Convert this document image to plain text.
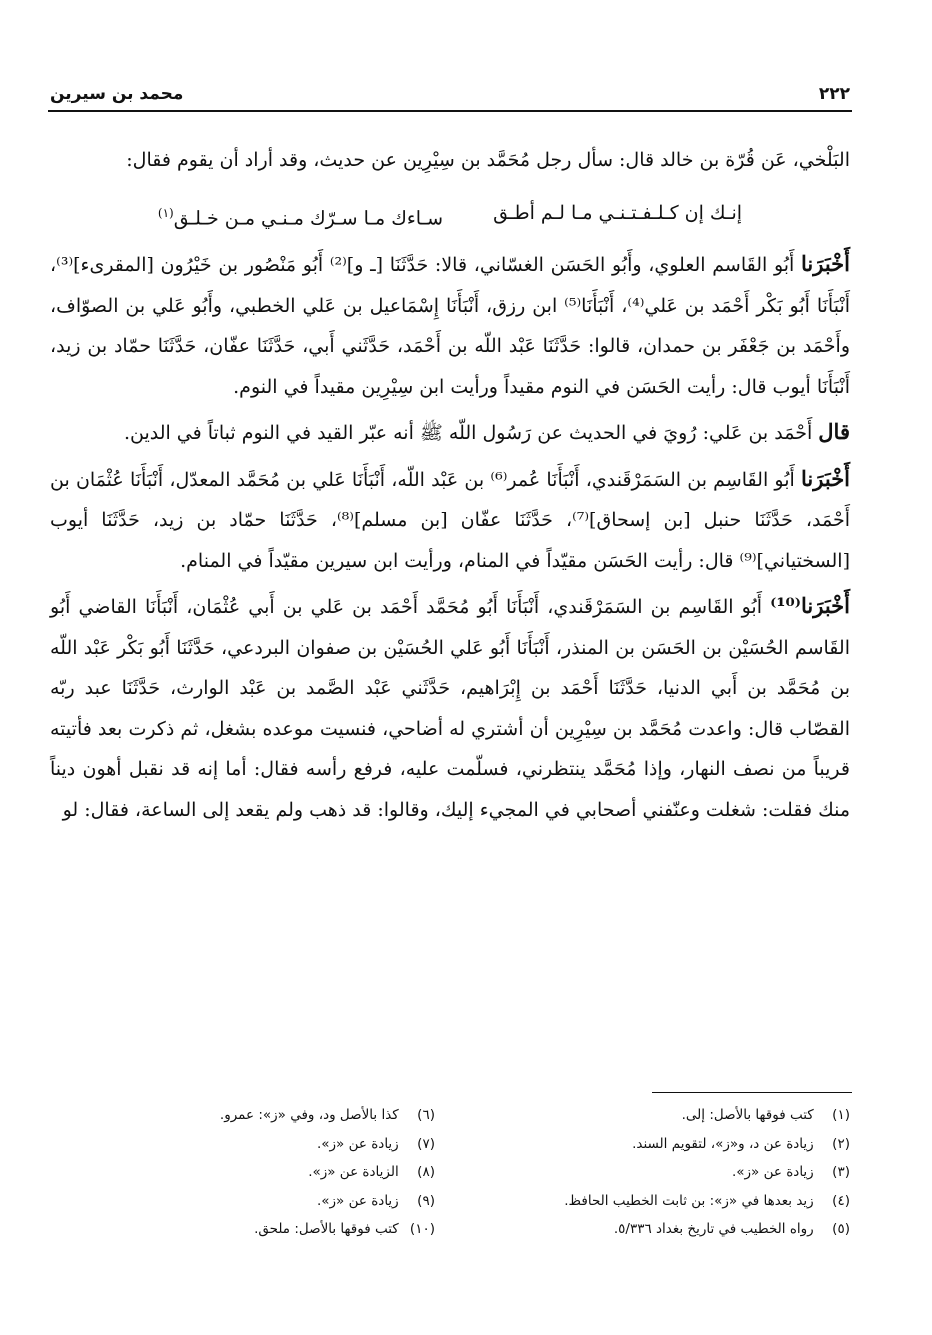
٢٢٢
محمد بن سيرين

البَلْخي، عَن قُرّة بن خالد قال: سأل رجل مُحَمَّد بن سِيْرِين عن حديث، وقد أراد أن يقوم فقال:

إنـك إن كـلـفـتـنـي مـا لـم أطـق
سـاءك مـا سـرّك مـنـي مـن خـلـق$^{(١)}$

أَخْبَرَنا أَبُو القَاسم العلوي، وأَبُو الحَسَن الغسّاني، قالا: حَدَّثَنَا [ـ و]⁽²⁾ أَبُو مَنْصُور بن خَيْرُون [المقرىء]⁽³⁾، أَنْبَأَنَا أَبُو بَكْر أَحْمَد بن عَلي⁽⁴⁾، أَنْبَأَنَا⁽⁵⁾ ابن رزق، أَنْبَأَنَا إِسْمَاعيل بن عَلي الخطبي، وأَبُو عَلي بن الصوّاف، وأَحْمَد بن جَعْفَر بن حمدان، قالوا: حَدَّثَنَا عَبْد اللّه بن أَحْمَد، حَدَّثَني أَبي، حَدَّثَنَا عفّان، حَدَّثَنَا حمّاد بن زيد، أَنْبَأَنَا أيوب قال: رأيت الحَسَن في النوم مقيداً ورأيت ابن سِيْرِين مقيداً في النوم.

قال أَحْمَد بن عَلي: رُويَ في الحديث عن رَسُول اللّه ﷺ أنه عبّر القيد في النوم ثباتاً في الدين.

أَخْبَرَنا أَبُو القَاسِم بن السَمَرْقَندي، أَنْبَأَنَا عُمر⁽⁶⁾ بن عَبْد اللّه، أَنْبَأَنَا عَلي بن مُحَمَّد المعدّل، أَنْبَأَنَا عُثْمَان بن أَحْمَد، حَدَّثَنَا حنبل [بن إسحاق]⁽⁷⁾، حَدَّثَنَا عفّان [بن مسلم]⁽⁸⁾، حَدَّثَنَا حمّاد بن زيد، حَدَّثَنَا أيوب [السختياني]⁽⁹⁾ قال: رأيت الحَسَن مقيّداً في المنام، ورأيت ابن سيرين مقيّداً في المنام.

أَخْبَرَنا⁽¹⁰⁾ أَبُو القَاسِم بن السَمَرْقَندي، أَنْبَأَنَا أَبُو مُحَمَّد أَحْمَد بن عَلي بن أَبي عُثْمَان، أَنْبَأَنَا القاضي أَبُو القَاسم الحُسَيْن بن الحَسَن بن المنذر، أَنْبَأَنَا أَبُو عَلي الحُسَيْن بن صفوان البردعي، حَدَّثَنَا أَبُو بَكْر عَبْد اللّه بن مُحَمَّد بن أَبي الدنيا، حَدَّثَنَا أَحْمَد بن إِبْرَاهيم، حَدَّثَني عَبْد الصَّمد بن عَبْد الوارث، حَدَّثَنَا عبد ربّه القصّاب قال: واعدت مُحَمَّد بن سِيْرِين أن أشتري له أضاحي، فنسيت موعده بشغل، ثم ذكرت بعد فأتيته قريباً من نصف النهار، وإذا مُحَمَّد ينتظرني، فسلّمت عليه، فرفع رأسه فقال: أما إنه قد نقبل أهون ديناً منك فقلت: شغلت وعنّفني أصحابي في المجيء إليك، وقالوا: قد ذهب ولم يقعد إلى الساعة، فقال: لو

(١) كتب فوقها بالأصل: إلى.
(٢) زيادة عن د، و«ز»، لتقويم السند.
(٣) زيادة عن «ز».
(٤) زيد بعدها في «ز»: بن ثابت الخطيب الحافظ.
(٥) رواه الخطيب في تاريخ بغداد ٥/٣٣٦.
(٦) كذا بالأصل ود، وفي «ز»: عمرو.
(٧) زيادة عن «ز».
(٨) الزيادة عن «ز».
(٩) زيادة عن «ز».
(١٠) كتب فوقها بالأصل: ملحق.
